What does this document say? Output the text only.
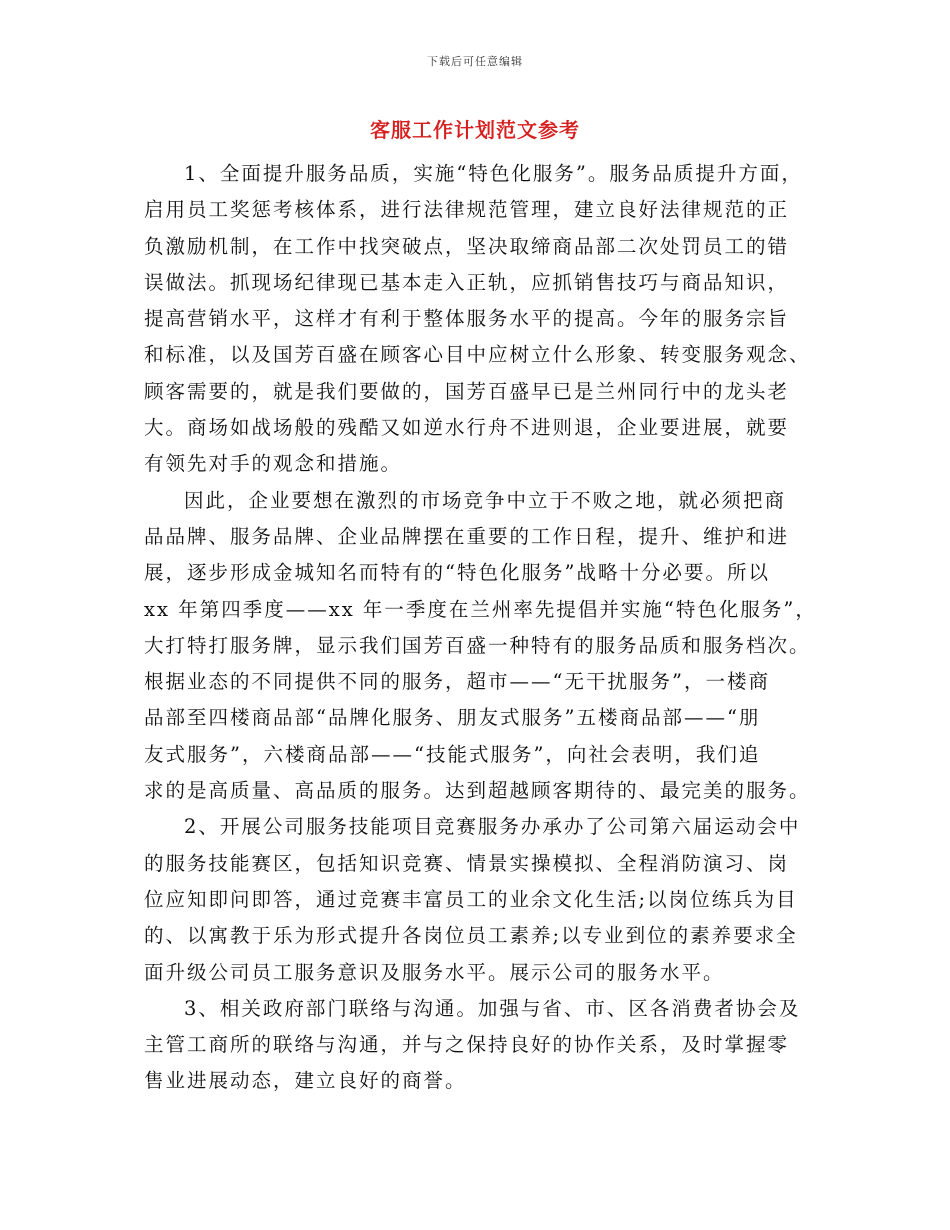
下载后可任意编辑
客服工作计划范文参考
1、全面提升服务品质，实施“特色化服务”。服务品质提升方面，
启用员工奖惩考核体系，进行法律规范管理，建立良好法律规范的正
负激励机制，在工作中找突破点，坚决取缔商品部二次处罚员工的错
误做法。抓现场纪律现已基本走入正轨，应抓销售技巧与商品知识，
提高营销水平，这样才有利于整体服务水平的提高。今年的服务宗旨
和标准，以及国芳百盛在顾客心目中应树立什么形象、转变服务观念、
顾客需要的，就是我们要做的，国芳百盛早已是兰州同行中的龙头老
大。商场如战场般的残酷又如逆水行舟不进则退，企业要进展，就要
有领先对手的观念和措施。
因此，企业要想在激烈的市场竞争中立于不败之地，就必须把商
品品牌、服务品牌、企业品牌摆在重要的工作日程，提升、维护和进
展，逐步形成金城知名而特有的“特色化服务”战略十分必要。所以
xx 年第四季度——xx 年一季度在兰州率先提倡并实施“特色化服务”，
大打特打服务牌，显示我们国芳百盛一种特有的服务品质和服务档次。
根据业态的不同提供不同的服务，超市——“无干扰服务”，一楼商
品部至四楼商品部“品牌化服务、朋友式服务”五楼商品部——“朋
友式服务”，六楼商品部——“技能式服务”，向社会表明，我们追
求的是高质量、高品质的服务。达到超越顾客期待的、最完美的服务。
2、开展公司服务技能项目竞赛服务办承办了公司第六届运动会中
的服务技能赛区，包括知识竞赛、情景实操模拟、全程消防演习、岗
位应知即问即答，通过竞赛丰富员工的业余文化生活;以岗位练兵为目
的、以寓教于乐为形式提升各岗位员工素养;以专业到位的素养要求全
面升级公司员工服务意识及服务水平。展示公司的服务水平。
3、相关政府部门联络与沟通。加强与省、市、区各消费者协会及
主管工商所的联络与沟通，并与之保持良好的协作关系，及时掌握零
售业进展动态，建立良好的商誉。
